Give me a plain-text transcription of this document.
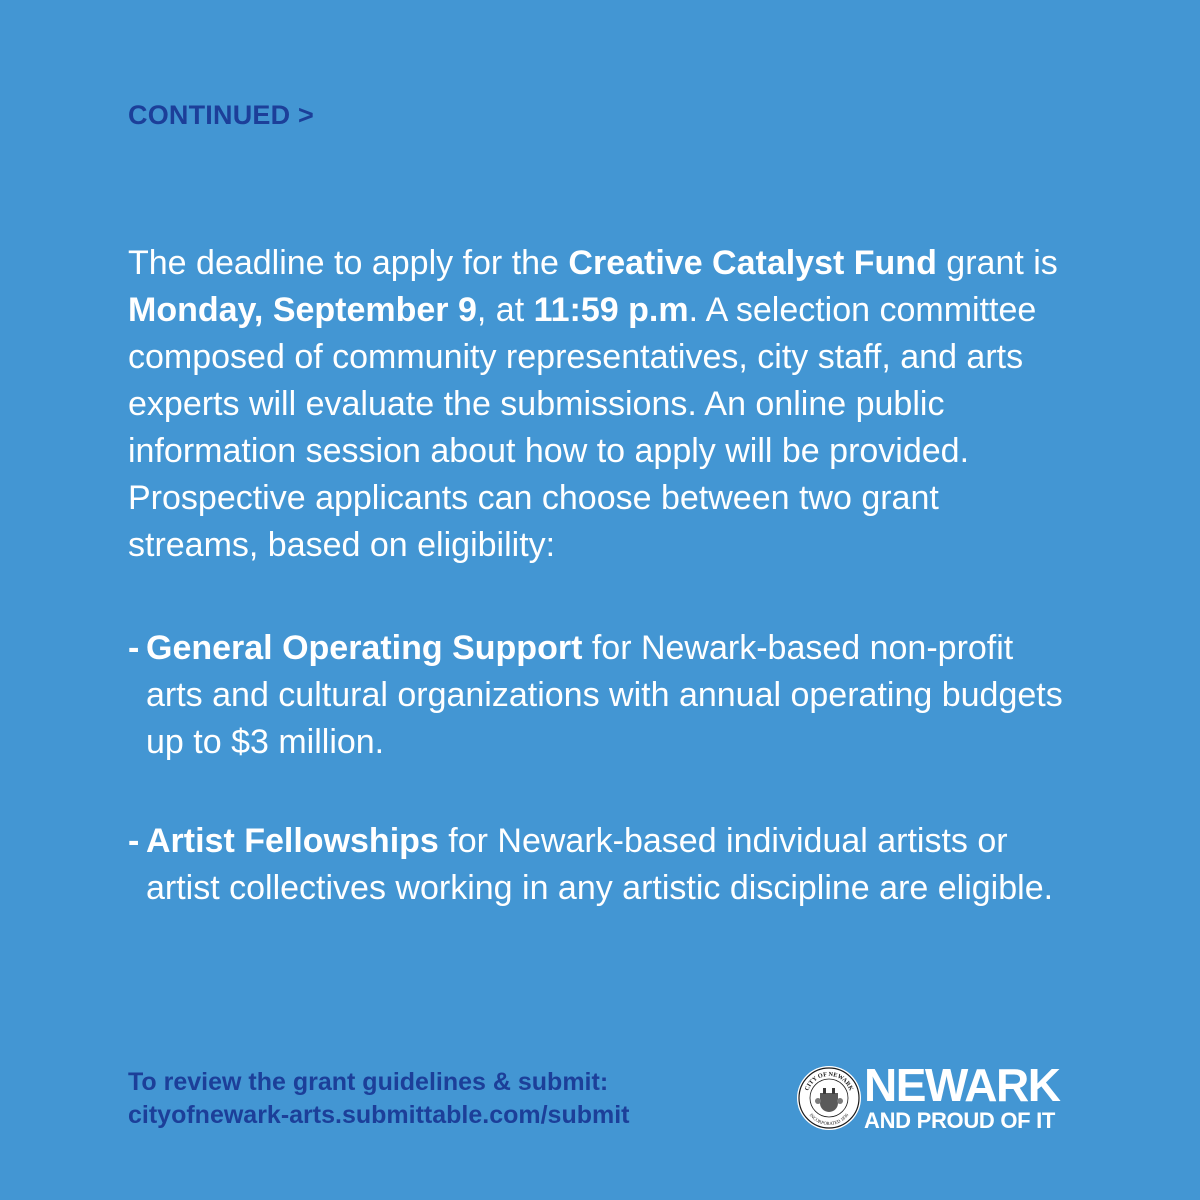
CONTINUED >

The deadline to apply for the Creative Catalyst Fund grant is Monday, September 9, at 11:59 p.m. A selection committee composed of community representatives, city staff, and arts experts will evaluate the submissions. An online public information session about how to apply will be provided. Prospective applicants can choose between two grant streams, based on eligibility:

- General Operating Support for Newark-based non-profit arts and cultural organizations with annual operating budgets up to $3 million.
- Artist Fellowships for Newark-based individual artists or artist collectives working in any artistic discipline are eligible.
To review the grant guidelines & submit:
cityofnewark-arts.submittable.com/submit
CITY OF NEWARK
INCORPORATED 1836
NEWARK
AND PROUD OF IT
